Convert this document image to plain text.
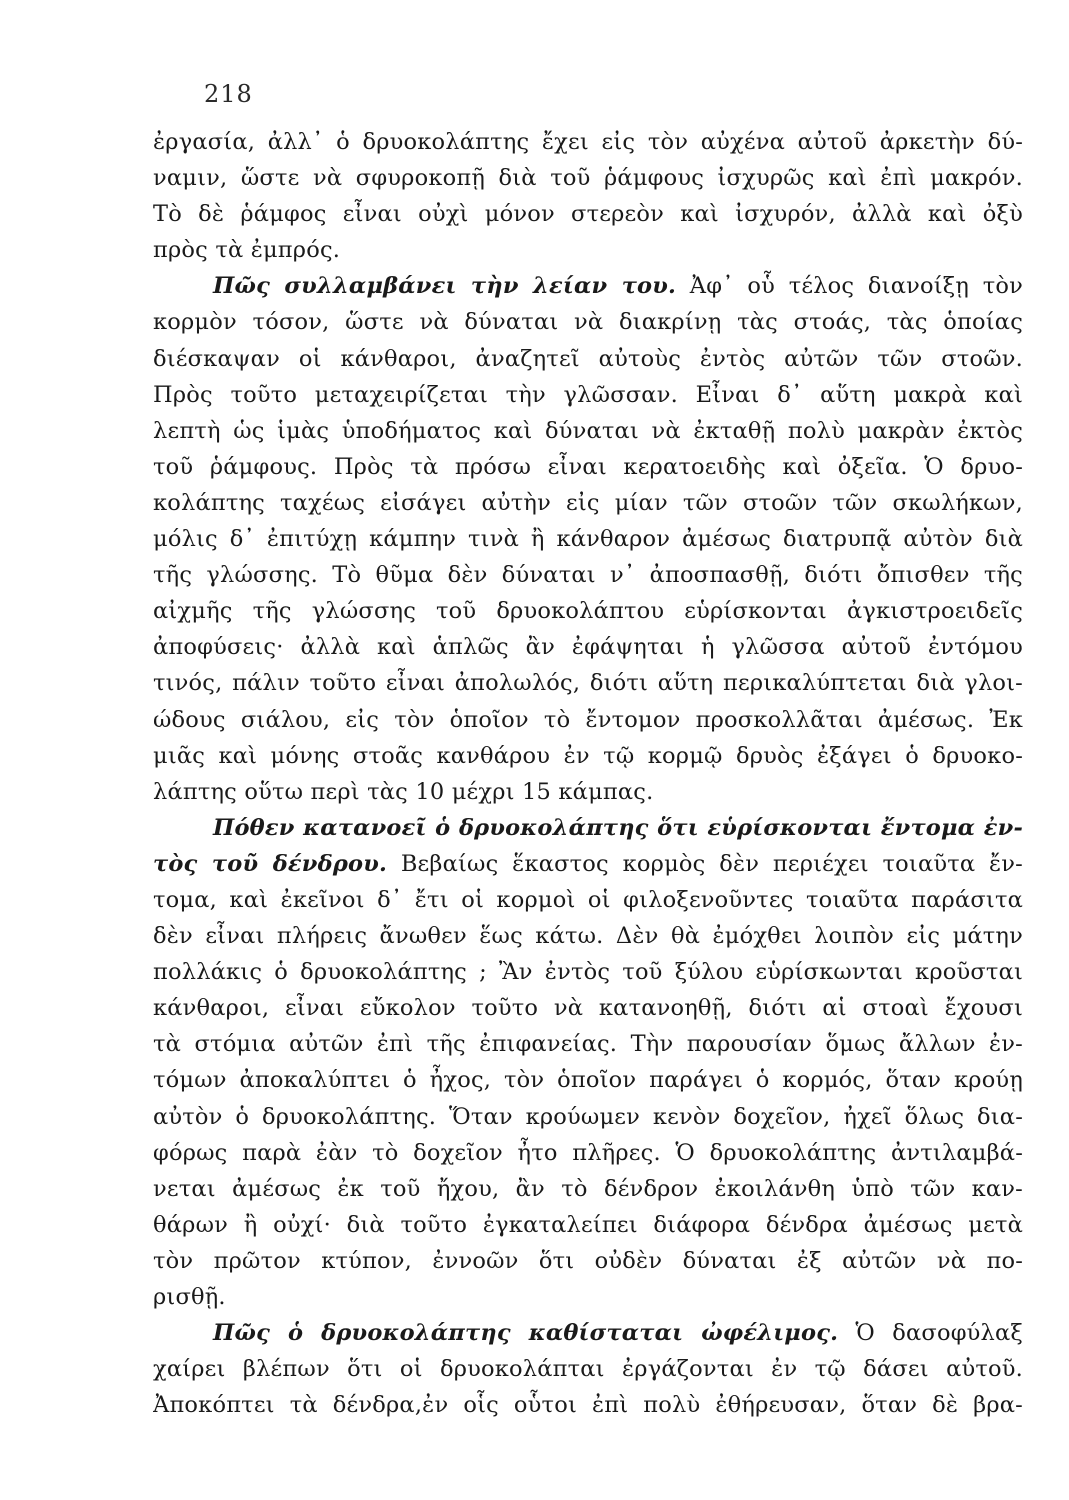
218
ἐργασία, ἀλλ᾽ ὁ δρυοκολάπτης ἔχει εἰς τὸν αὐχένα αὐτοῦ ἀρκετὴν δύ-
ναμιν, ὥστε νὰ σφυροκοπῇ διὰ τοῦ ῥάμφους ἰσχυρῶς καὶ ἐπὶ μακρόν.
Τὸ δὲ ῥάμφος εἶναι οὐχὶ μόνον στερεὸν καὶ ἰσχυρόν, ἀλλὰ καὶ ὀξὺ
πρὸς τὰ ἐμπρός.
Πῶς συλλαμβάνει τὴν λείαν του. Ἀφ᾽ οὗ τέλος διανοίξῃ τὸν
κορμὸν τόσον, ὥστε νὰ δύναται νὰ διακρίνῃ τὰς στοάς, τὰς ὁποίας
διέσκαψαν οἱ κάνθαροι, ἀναζητεῖ αὐτοὺς ἐντὸς αὐτῶν τῶν στοῶν.
Πρὸς τοῦτο μεταχειρίζεται τὴν γλῶσσαν. Εἶναι δ᾽ αὕτη μακρὰ καὶ
λεπτὴ ὡς ἱμὰς ὑποδήματος καὶ δύναται νὰ ἐκταθῇ πολὺ μακρὰν ἐκτὸς
τοῦ ῥάμφους. Πρὸς τὰ πρόσω εἶναι κερατοειδὴς καὶ ὀξεῖα. Ὁ δρυο-
κολάπτης ταχέως εἰσάγει αὐτὴν εἰς μίαν τῶν στοῶν τῶν σκωλήκων,
μόλις δ᾽ ἐπιτύχῃ κάμπην τινὰ ἢ κάνθαρον ἀμέσως διατρυπᾷ αὐτὸν διὰ
τῆς γλώσσης. Τὸ θῦμα δὲν δύναται ν᾽ ἀποσπασθῇ, διότι ὄπισθεν τῆς
αἰχμῆς τῆς γλώσσης τοῦ δρυοκολάπτου εὑρίσκονται ἀγκιστροειδεῖς
ἀποφύσεις· ἀλλὰ καὶ ἁπλῶς ἂν ἐφάψηται ἡ γλῶσσα αὐτοῦ ἐντόμου
τινός, πάλιν τοῦτο εἶναι ἀπολωλός, διότι αὕτη περικαλύπτεται διὰ γλοι-
ώδους σιάλου, εἰς τὸν ὁποῖον τὸ ἔντομον προσκολλᾶται ἀμέσως. Ἐκ
μιᾶς καὶ μόνης στοᾶς κανθάρου ἐν τῷ κορμῷ δρυὸς ἐξάγει ὁ δρυοκο-
λάπτης οὕτω περὶ τὰς 10 μέχρι 15 κάμπας.
Πόθεν κατανοεῖ ὁ δρυοκολάπτης ὅτι εὑρίσκονται ἔντομα ἐν-
τὸς τοῦ δένδρου. Βεβαίως ἕκαστος κορμὸς δὲν περιέχει τοιαῦτα ἔν-
τομα, καὶ ἐκεῖνοι δ᾽ ἔτι οἱ κορμοὶ οἱ φιλοξενοῦντες τοιαῦτα παράσιτα
δὲν εἶναι πλήρεις ἄνωθεν ἕως κάτω. Δὲν θὰ ἐμόχθει λοιπὸν εἰς μάτην
πολλάκις ὁ δρυοκολάπτης ; Ἂν ἐντὸς τοῦ ξύλου εὑρίσκωνται κροῦσται
κάνθαροι, εἶναι εὔκολον τοῦτο νὰ κατανοηθῇ, διότι αἱ στοαὶ ἔχουσι
τὰ στόμια αὐτῶν ἐπὶ τῆς ἐπιφανείας. Τὴν παρουσίαν ὅμως ἄλλων ἐν-
τόμων ἀποκαλύπτει ὁ ἦχος, τὸν ὁποῖον παράγει ὁ κορμός, ὅταν κρούῃ
αὐτὸν ὁ δρυοκολάπτης. Ὅταν κρούωμεν κενὸν δοχεῖον, ἠχεῖ ὅλως δια-
φόρως παρὰ ἐὰν τὸ δοχεῖον ἦτο πλῆρες. Ὁ δρυοκολάπτης ἀντιλαμβά-
νεται ἀμέσως ἐκ τοῦ ἤχου, ἂν τὸ δένδρον ἐκοιλάνθη ὑπὸ τῶν καν-
θάρων ἢ οὐχί· διὰ τοῦτο ἐγκαταλείπει διάφορα δένδρα ἀμέσως μετὰ
τὸν πρῶτον κτύπον, ἐννοῶν ὅτι οὐδὲν δύναται ἐξ αὐτῶν νὰ πο-
ρισθῇ.
Πῶς ὁ δρυοκολάπτης καθίσταται ὠφέλιμος. Ὁ δασοφύλαξ
χαίρει βλέπων ὅτι οἱ δρυοκολάπται ἐργάζονται ἐν τῷ δάσει αὐτοῦ.
Ἀποκόπτει τὰ δένδρα,ἐν οἷς οὗτοι ἐπὶ πολὺ ἐθήρευσαν, ὅταν δὲ βρα-
